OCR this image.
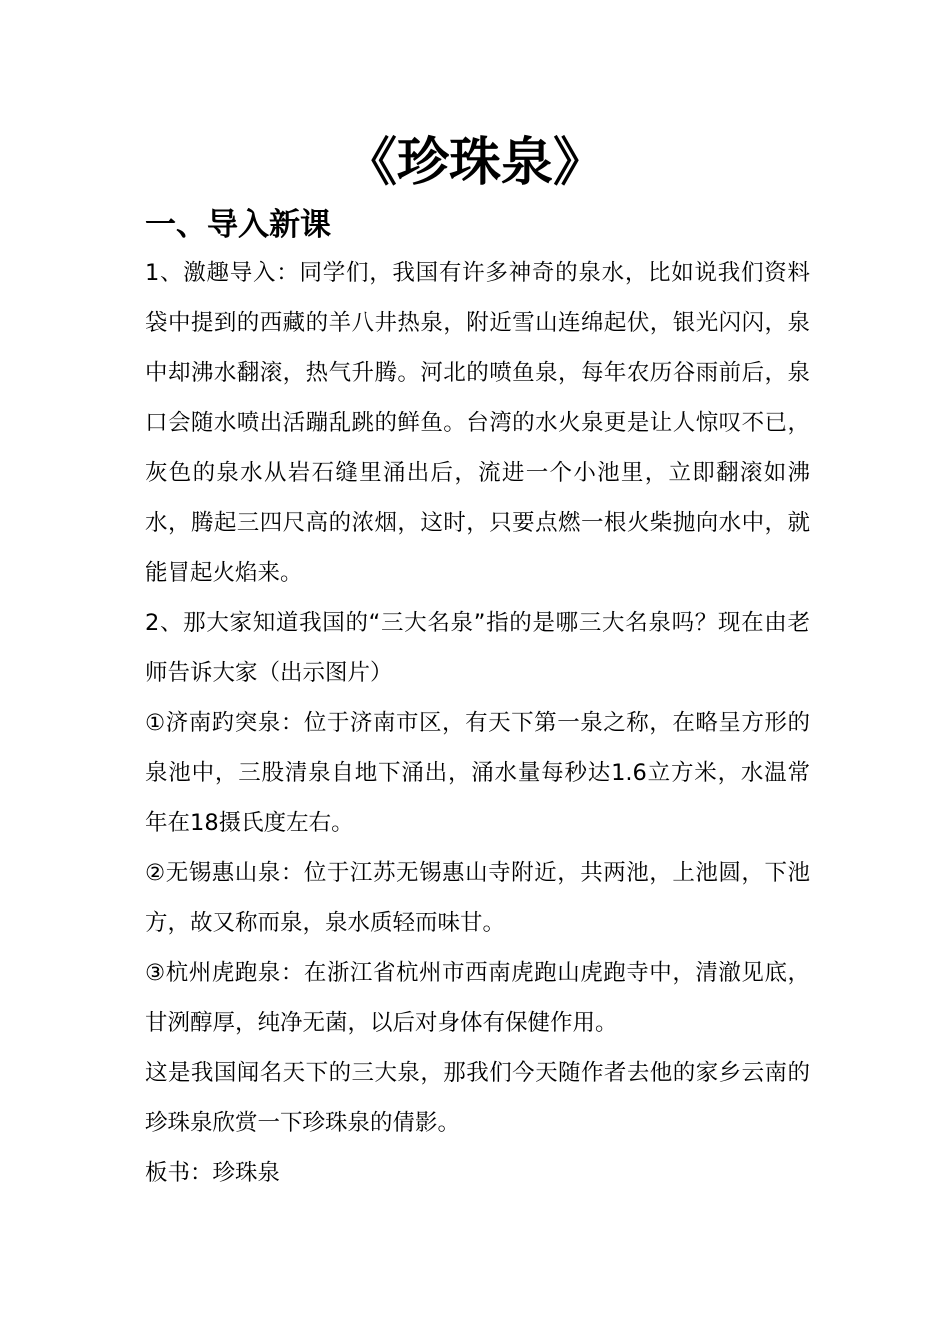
《珍珠泉》
一、导入新课

1、激趣导入：同学们，我国有许多神奇的泉水，比如说我们资料袋中提到的西藏的羊八井热泉，附近雪山连绵起伏，银光闪闪，泉中却沸水翻滚，热气升腾。河北的喷鱼泉，每年农历谷雨前后，泉口会随水喷出活蹦乱跳的鲜鱼。台湾的水火泉更是让人惊叹不已，灰色的泉水从岩石缝里涌出后，流进一个小池里，立即翻滚如沸水，腾起三四尺高的浓烟，这时，只要点燃一根火柴抛向水中，就能冒起火焰来。

2、那大家知道我国的“三大名泉”指的是哪三大名泉吗？现在由老师告诉大家（出示图片）

①济南趵突泉：位于济南市区，有天下第一泉之称，在略呈方形的泉池中，三股清泉自地下涌出，涌水量每秒达1.6立方米，水温常年在18摄氏度左右。

②无锡惠山泉：位于江苏无锡惠山寺附近，共两池，上池圆，下池方，故又称而泉，泉水质轻而味甘。

③杭州虎跑泉：在浙江省杭州市西南虎跑山虎跑寺中，清澈见底，甘洌醇厚，纯净无菌，以后对身体有保健作用。

这是我国闻名天下的三大泉，那我们今天随作者去他的家乡云南的珍珠泉欣赏一下珍珠泉的倩影。

板书：珍珠泉
